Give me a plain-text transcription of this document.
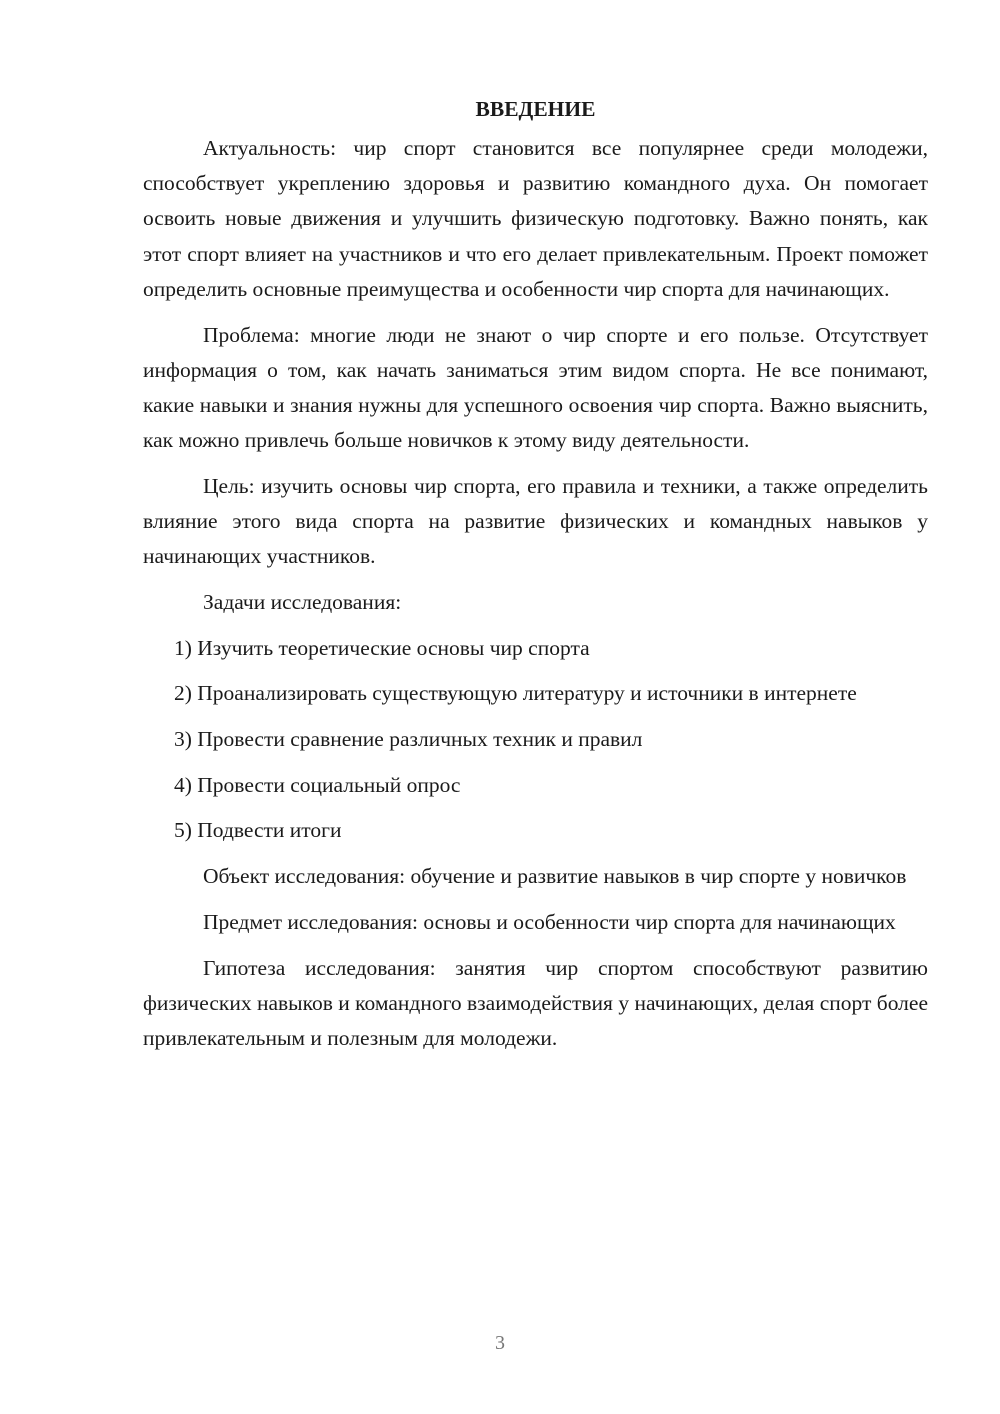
ВВЕДЕНИЕ

Актуальность: чир спорт становится все популярнее среди молодежи, способствует укреплению здоровья и развитию командного духа. Он помогает освоить новые движения и улучшить физическую подготовку. Важно понять, как этот спорт влияет на участников и что его делает привлекательным. Проект поможет определить основные преимущества и особенности чир спорта для начинающих.

Проблема: многие люди не знают о чир спорте и его пользе. Отсутствует информация о том, как начать заниматься этим видом спорта. Не все понимают, какие навыки и знания нужны для успешного освоения чир спорта. Важно выяснить, как можно привлечь больше новичков к этому виду деятельности.

Цель: изучить основы чир спорта, его правила и техники, а также определить влияние этого вида спорта на развитие физических и командных навыков у начинающих участников.

Задачи исследования:

1) Изучить теоретические основы чир спорта

2) Проанализировать существующую литературу и источники в интернете

3) Провести сравнение различных техник и правил

4) Провести социальный опрос

5) Подвести итоги

Объект исследования: обучение и развитие навыков в чир спорте у новичков

Предмет исследования: основы и особенности чир спорта для начинающих

Гипотеза исследования: занятия чир спортом способствуют развитию физических навыков и командного взаимодействия у начинающих, делая спорт более привлекательным и полезным для молодежи.

3
